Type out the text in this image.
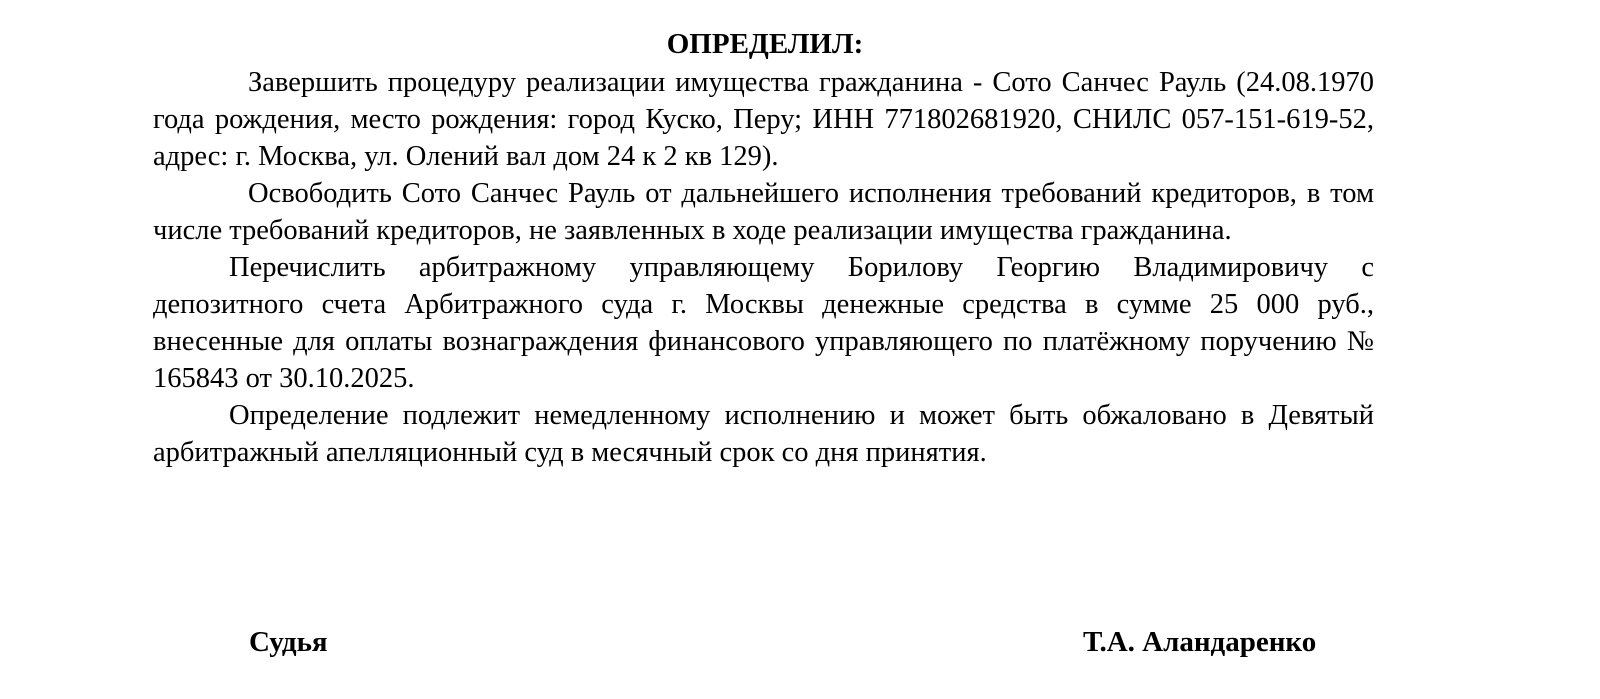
ОПРЕДЕЛИЛ:

Завершить процедуру реализации имущества гражданина - Сото Санчес Рауль (24.08.1970 года рождения, место рождения: город Куско, Перу; ИНН 771802681920, СНИЛС 057-151-619-52, адрес: г. Москва, ул. Олений вал дом 24 к 2 кв 129).

Освободить Сото Санчес Рауль от дальнейшего исполнения требований кредиторов, в том числе требований кредиторов, не заявленных в ходе реализации имущества гражданина.

Перечислить арбитражному управляющему Борилову Георгию Владимировичу с депозитного счета Арбитражного суда г. Москвы денежные средства в сумме 25 000 руб., внесенные для оплаты вознаграждения финансового управляющего по платёжному поручению № 165843 от 30.10.2025.

Определение подлежит немедленному исполнению и может быть обжаловано в Девятый арбитражный апелляционный суд в месячный срок со дня принятия.

Судья	Т.А. Аландаренко
